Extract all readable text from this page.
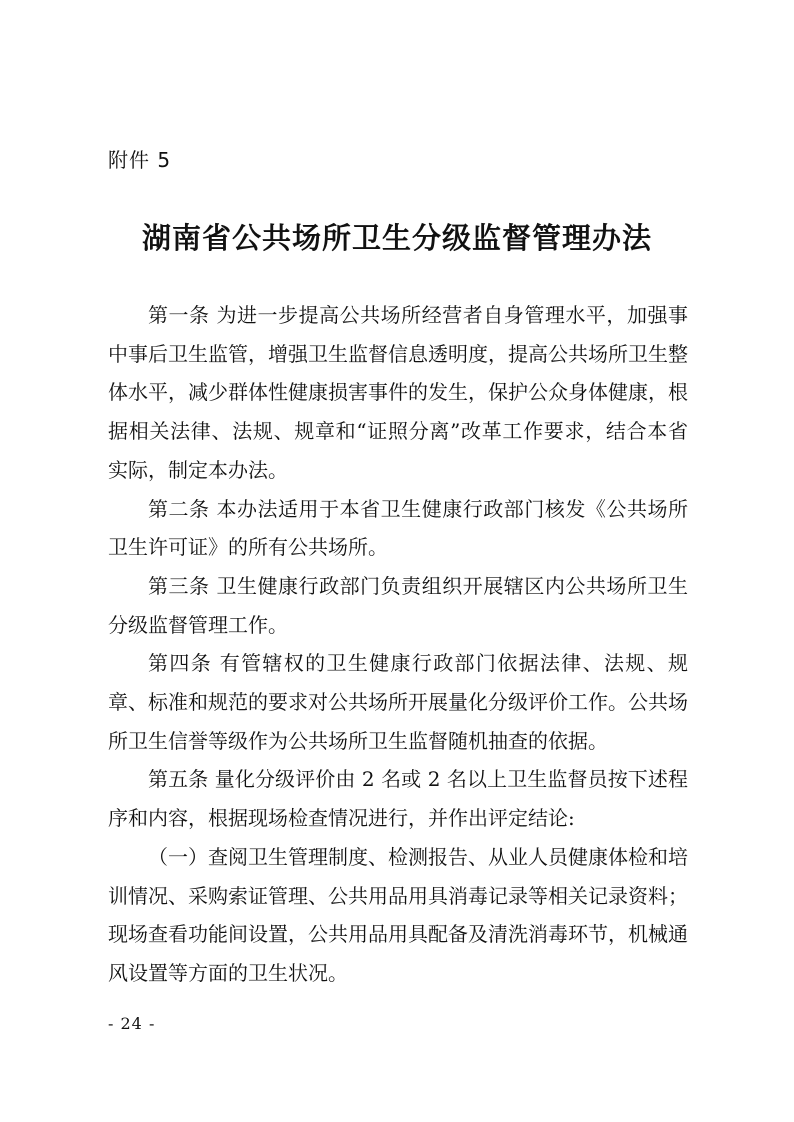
附件 5
湖南省公共场所卫生分级监督管理办法

第一条 为进一步提高公共场所经营者自身管理水平，加强事中事后卫生监管，增强卫生监督信息透明度，提高公共场所卫生整体水平，减少群体性健康损害事件的发生，保护公众身体健康，根据相关法律、法规、规章和“证照分离”改革工作要求，结合本省实际，制定本办法。

第二条 本办法适用于本省卫生健康行政部门核发《公共场所卫生许可证》的所有公共场所。

第三条 卫生健康行政部门负责组织开展辖区内公共场所卫生分级监督管理工作。

第四条 有管辖权的卫生健康行政部门依据法律、法规、规章、标准和规范的要求对公共场所开展量化分级评价工作。公共场所卫生信誉等级作为公共场所卫生监督随机抽查的依据。

第五条 量化分级评价由 2 名或 2 名以上卫生监督员按下述程序和内容，根据现场检查情况进行，并作出评定结论:

（一）查阅卫生管理制度、检测报告、从业人员健康体检和培训情况、采购索证管理、公共用品用具消毒记录等相关记录资料；现场查看功能间设置，公共用品用具配备及清洗消毒环节，机械通风设置等方面的卫生状况。

- 24 -
